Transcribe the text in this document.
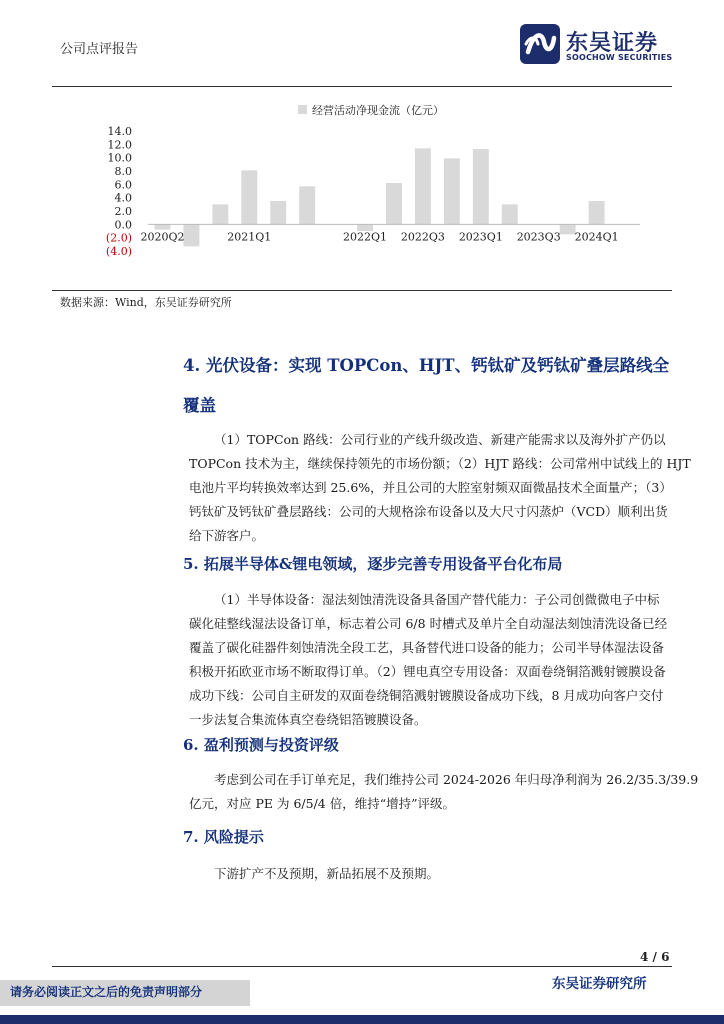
公司点评报告	东吴证券
SOOCHOW SECURITIES
经营活动净现金流（亿元）
14.0
12.0
10.0
8.0
6.0
4.0
2.0
0.0
(2.0)
(4.0)
2020Q2	2021Q1	2022Q1 2022Q3 2023Q1 2023Q3 2024Q1
数据来源：Wind，东吴证券研究所
4. 光伏设备：实现 TOPCon、HJT、钙钛矿及钙钛矿叠层路线全
覆盖
（1）TOPCon 路线：公司行业的产线升级改造、新建产能需求以及海外扩产仍以
TOPCon 技术为主，继续保持领先的市场份额；（2）HJT 路线：公司常州中试线上的 HJT
电池片平均转换效率达到 25.6%，并且公司的大腔室射频双面微晶技术全面量产；（3）
钙钛矿及钙钛矿叠层路线：公司的大规格涂布设备以及大尺寸闪蒸炉（VCD）顺利出货
给下游客户。
5. 拓展半导体&锂电领域，逐步完善专用设备平台化布局
（1）半导体设备：湿法刻蚀清洗设备具备国产替代能力：子公司创微微电子中标
碳化硅整线湿法设备订单，标志着公司 6/8 时槽式及单片全自动湿法刻蚀清洗设备已经
覆盖了碳化硅器件刻蚀清洗全段工艺，具备替代进口设备的能力；公司半导体湿法设备
积极开拓欧亚市场不断取得订单。（2）锂电真空专用设备：双面卷绕铜箔溅射镀膜设备
成功下线：公司自主研发的双面卷绕铜箔溅射镀膜设备成功下线，8 月成功向客户交付
一步法复合集流体真空卷绕铝箔镀膜设备。
6. 盈利预测与投资评级
考虑到公司在手订单充足，我们维持公司 2024-2026 年归母净利润为 26.2/35.3/39.9
亿元，对应 PE 为 6/5/4 倍，维持“增持”评级。
7. 风险提示
下游扩产不及预期，新品拓展不及预期。
4 / 6
东吴证券研究所
请务必阅读正文之后的免责声明部分
